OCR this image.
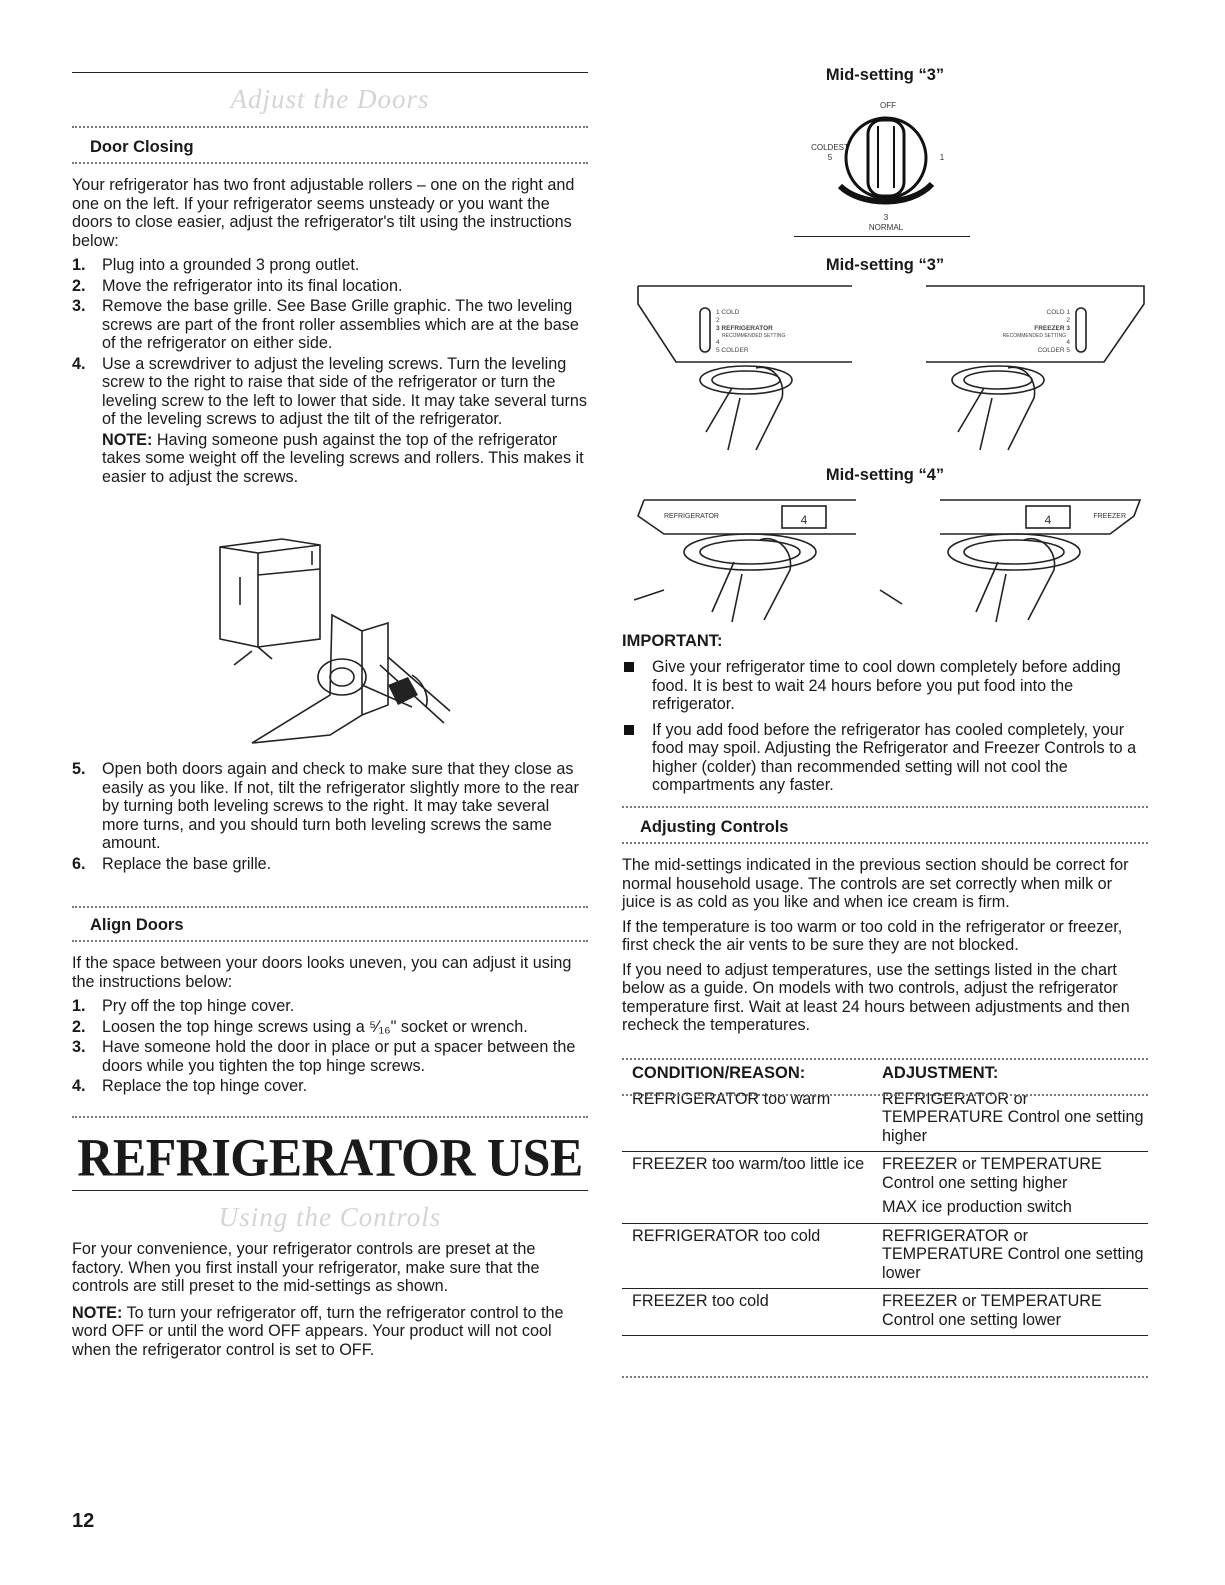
Adjust the Doors
Door Closing

Your refrigerator has two front adjustable rollers – one on the right and one on the left. If your refrigerator seems unsteady or you want the doors to close easier, adjust the refrigerator's tilt using the instructions below:

1.	Plug into a grounded 3 prong outlet.
2.	Move the refrigerator into its final location.
3.	Remove the base grille. See Base Grille graphic. The two leveling screws are part of the front roller assemblies which are at the base of the refrigerator on either side.
4.	Use a screwdriver to adjust the leveling screws. Turn the leveling screw to the right to raise that side of the refrigerator or turn the leveling screw to the left to lower that side. It may take several turns of the leveling screws to adjust the tilt of the refrigerator.

NOTE: Having someone push against the top of the refrigerator takes some weight off the leveling screws and rollers. This makes it easier to adjust the screws.

5.	Open both doors again and check to make sure that they close as easily as you like. If not, tilt the refrigerator slightly more to the rear by turning both leveling screws to the right. It may take several more turns, and you should turn both leveling screws the same amount.
6.	Replace the base grille.
Align Doors

If the space between your doors looks uneven, you can adjust it using the instructions below:

1.	Pry off the top hinge cover.
2.	Loosen the top hinge screws using a ⁵⁄₁₆" socket or wrench.
3.	Have someone hold the door in place or put a spacer between the doors while you tighten the top hinge screws.
4.	Replace the top hinge cover.
REFRIGERATOR USE
Using the Controls

For your convenience, your refrigerator controls are preset at the factory. When you first install your refrigerator, make sure that the controls are still preset to the mid-settings as shown.

NOTE: To turn your refrigerator off, turn the refrigerator control to the word OFF or until the word OFF appears. Your product will not cool when the refrigerator control is set to OFF.

Mid-setting “3”
OFF
COLDEST
5	1
3
NORMAL
Mid-setting “3”
1 COLD
2
3 REFRIGERATOR
RECOMMENDED SETTING
4
5 COLDER
COLD 1
2
FREEZER 3
RECOMMENDED SETTING
4
COLDER 5
Mid-setting “4”
REFRIGERATOR	4	FREEZER
4
IMPORTANT:
Give your refrigerator time to cool down completely before adding food. It is best to wait 24 hours before you put food into the refrigerator.
If you add food before the refrigerator has cooled completely, your food may spoil. Adjusting the Refrigerator and Freezer Controls to a higher (colder) than recommended setting will not cool the compartments any faster.
Adjusting Controls

The mid-settings indicated in the previous section should be correct for normal household usage. The controls are set correctly when milk or juice is as cold as you like and when ice cream is firm.

If the temperature is too warm or too cold in the refrigerator or freezer, first check the air vents to be sure they are not blocked.

If you need to adjust temperatures, use the settings listed in the chart below as a guide. On models with two controls, adjust the refrigerator temperature first. Wait at least 24 hours between adjustments and then recheck the temperatures.

CONDITION/REASON:	ADJUSTMENT:
REFRIGERATOR too warm	REFRIGERATOR or TEMPERATURE Control one setting higher

FREEZER too warm/too little ice	FREEZER or TEMPERATURE Control one setting higher
MAX ice production switch

REFRIGERATOR too cold	REFRIGERATOR or TEMPERATURE Control one setting lower

FREEZER too cold	FREEZER or TEMPERATURE Control one setting lower
12
